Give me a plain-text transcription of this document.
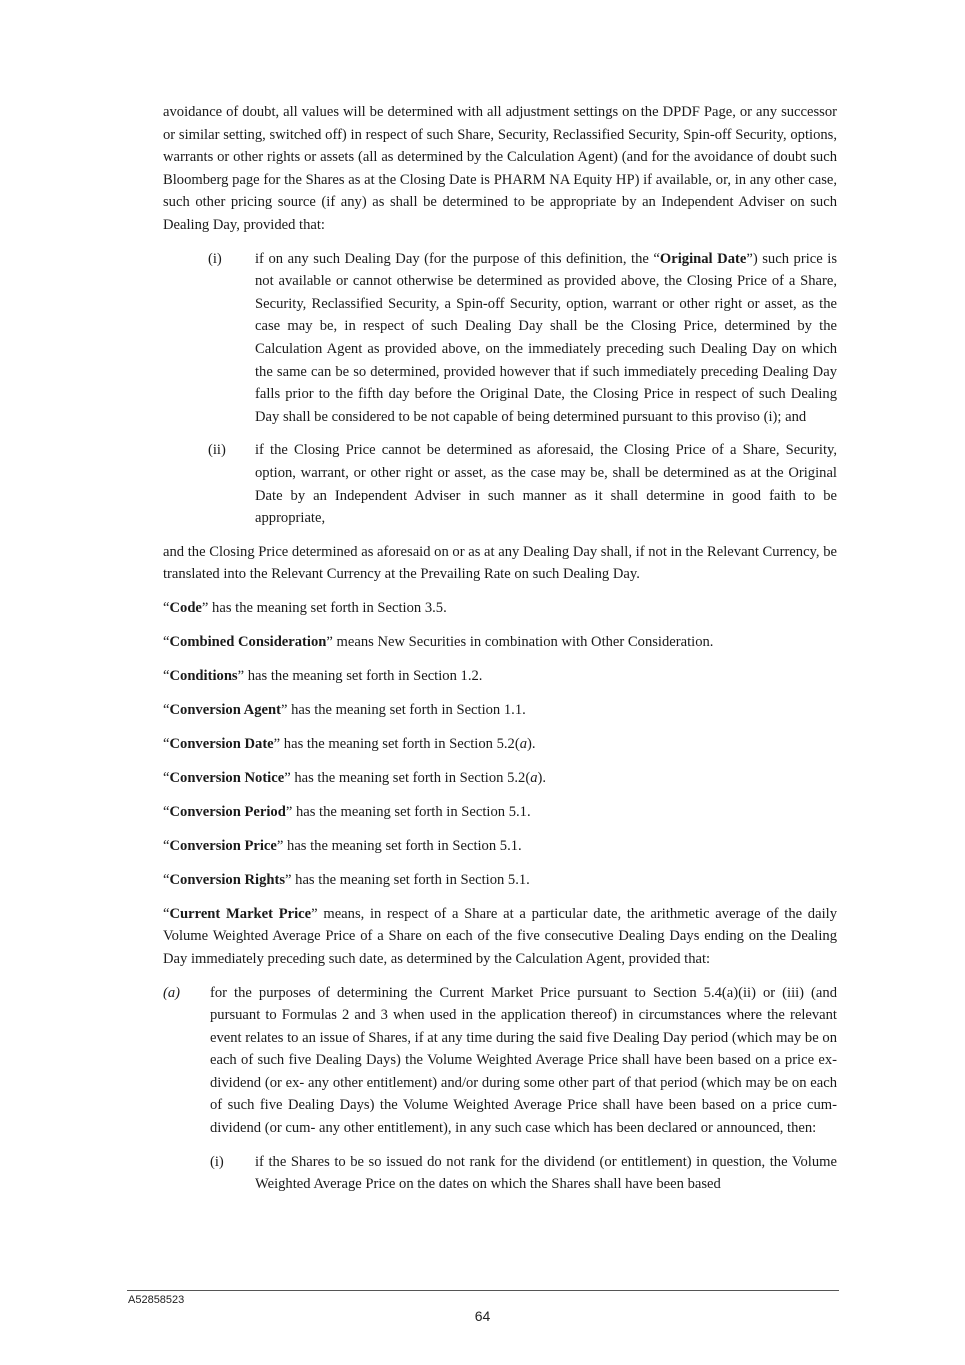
avoidance of doubt, all values will be determined with all adjustment settings on the DPDF Page, or any successor or similar setting, switched off) in respect of such Share, Security, Reclassified Security, Spin-off Security, options, warrants or other rights or assets (all as determined by the Calculation Agent) (and for the avoidance of doubt such Bloomberg page for the Shares as at the Closing Date is PHARM NA Equity HP) if available, or, in any other case, such other pricing source (if any) as shall be determined to be appropriate by an Independent Adviser on such Dealing Day, provided that:

(i)	if on any such Dealing Day (for the purpose of this definition, the “Original Date”) such price is not available or cannot otherwise be determined as provided above, the Closing Price of a Share, Security, Reclassified Security, a Spin-off Security, option, warrant or other right or asset, as the case may be, in respect of such Dealing Day shall be the Closing Price, determined by the Calculation Agent as provided above, on the immediately preceding such Dealing Day on which the same can be so determined, provided however that if such immediately preceding Dealing Day falls prior to the fifth day before the Original Date, the Closing Price in respect of such Dealing Day shall be considered to be not capable of being determined pursuant to this proviso (i); and
(ii)	if the Closing Price cannot be determined as aforesaid, the Closing Price of a Share, Security, option, warrant, or other right or asset, as the case may be, shall be determined as at the Original Date by an Independent Adviser in such manner as it shall determine in good faith to be appropriate,

and the Closing Price determined as aforesaid on or as at any Dealing Day shall, if not in the Relevant Currency, be translated into the Relevant Currency at the Prevailing Rate on such Dealing Day.

“Code” has the meaning set forth in Section 3.5.

“Combined Consideration” means New Securities in combination with Other Consideration.

“Conditions” has the meaning set forth in Section 1.2.

“Conversion Agent” has the meaning set forth in Section 1.1.

“Conversion Date” has the meaning set forth in Section 5.2(a).

“Conversion Notice” has the meaning set forth in Section 5.2(a).

“Conversion Period” has the meaning set forth in Section 5.1.

“Conversion Price” has the meaning set forth in Section 5.1.

“Conversion Rights” has the meaning set forth in Section 5.1.

“Current Market Price” means, in respect of a Share at a particular date, the arithmetic average of the daily Volume Weighted Average Price of a Share on each of the five consecutive Dealing Days ending on the Dealing Day immediately preceding such date, as determined by the Calculation Agent, provided that:

(a)	for the purposes of determining the Current Market Price pursuant to Section 5.4(a)(ii) or (iii) (and pursuant to Formulas 2 and 3 when used in the application thereof) in circumstances where the relevant event relates to an issue of Shares, if at any time during the said five Dealing Day period (which may be on each of such five Dealing Days) the Volume Weighted Average Price shall have been based on a price ex-dividend (or ex- any other entitlement) and/or during some other part of that period (which may be on each of such five Dealing Days) the Volume Weighted Average Price shall have been based on a price cum-dividend (or cum- any other entitlement), in any such case which has been declared or announced, then:
(i)	if the Shares to be so issued do not rank for the dividend (or entitlement) in question, the Volume Weighted Average Price on the dates on which the Shares shall have been based
A52858523
64
